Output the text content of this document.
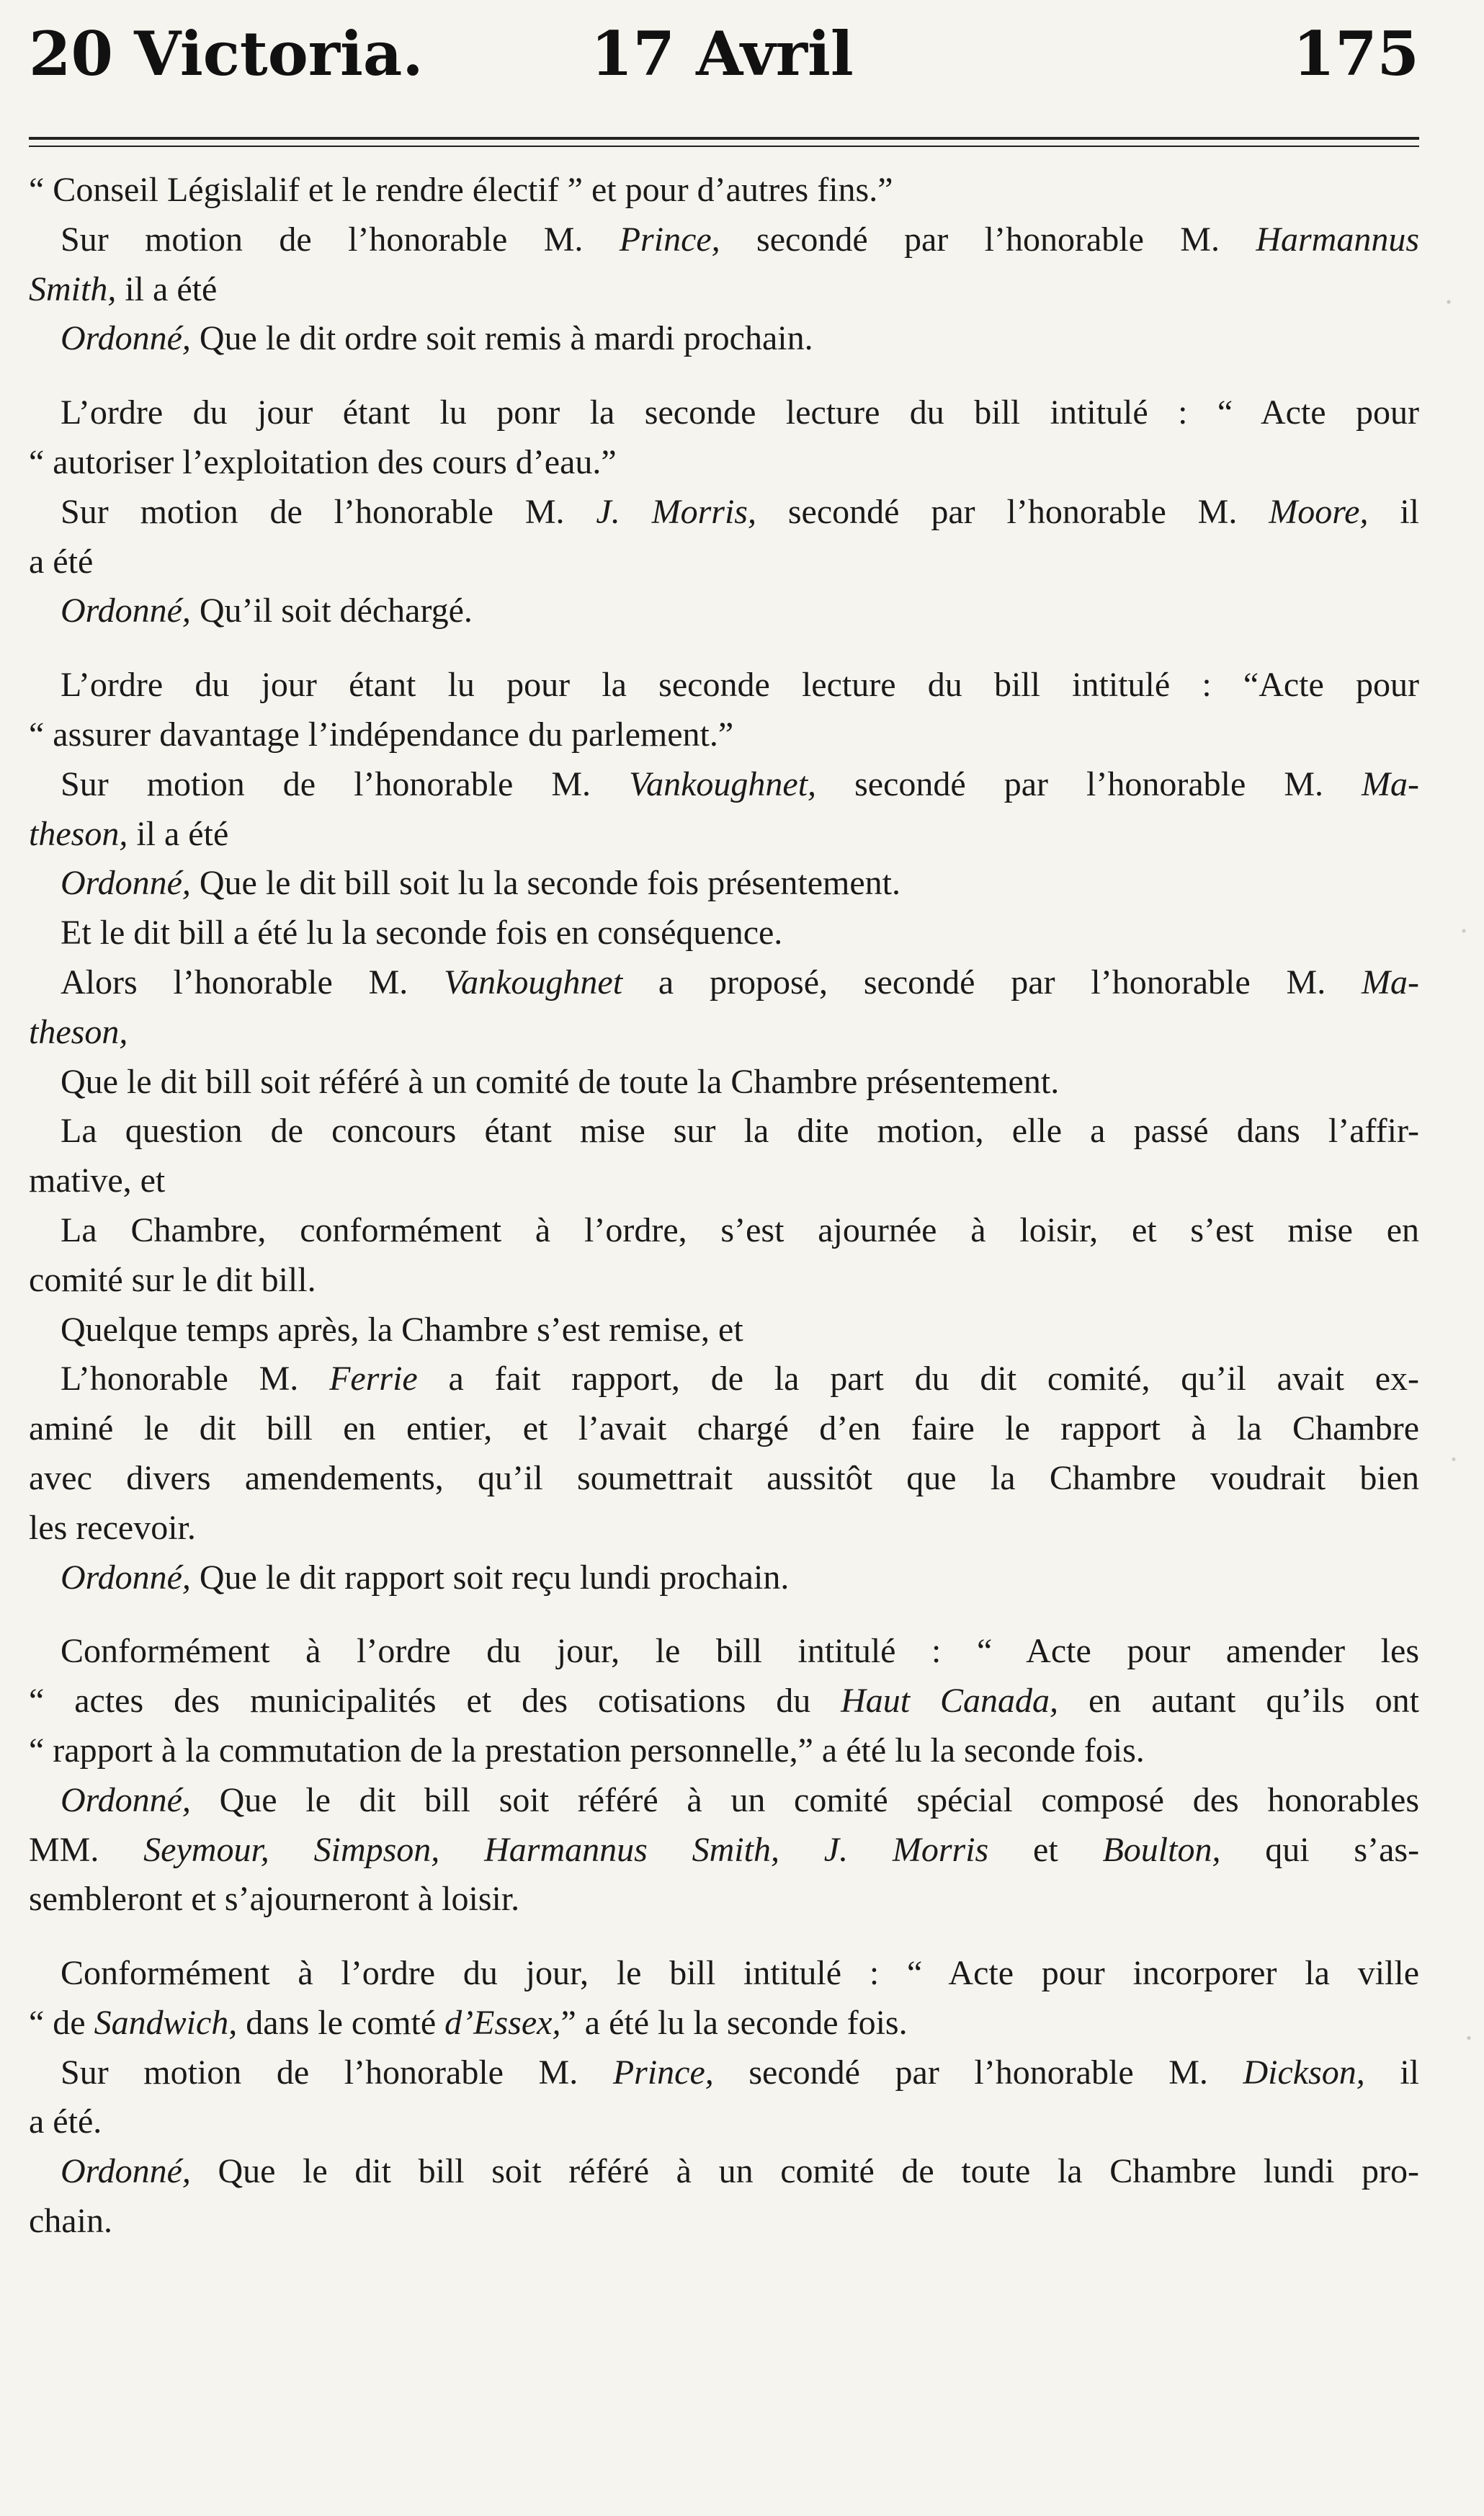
20 Victoria.	17 Avril	175
“ Conseil Législalif et le rendre électif ” et pour d’autres fins.”
Sur motion de l’honorable M. Prince, secondé par l’honorable M. Harmannus
Smith, il a été
Ordonné, Que le dit ordre soit remis à mardi prochain.
L’ordre du jour étant lu ponr la seconde lecture du bill intitulé : “ Acte pour
“ autoriser l’exploitation des cours d’eau.”
Sur motion de l’honorable M. J. Morris, secondé par l’honorable M. Moore, il
a été
Ordonné, Qu’il soit déchargé.
L’ordre du jour étant lu pour la seconde lecture du bill intitulé : “Acte pour
“ assurer davantage l’indépendance du parlement.”
Sur motion de l’honorable M. Vankoughnet, secondé par l’honorable M. Ma-
theson, il a été
Ordonné, Que le dit bill soit lu la seconde fois présentement.
Et le dit bill a été lu la seconde fois en conséquence.
Alors l’honorable M. Vankoughnet a proposé, secondé par l’honorable M. Ma-
theson,
Que le dit bill soit référé à un comité de toute la Chambre présentement.
La question de concours étant mise sur la dite motion, elle a passé dans l’affir-
mative, et
La Chambre, conformément à l’ordre, s’est ajournée à loisir, et s’est mise en
comité sur le dit bill.
Quelque temps après, la Chambre s’est remise, et
L’honorable M. Ferrie a fait rapport, de la part du dit comité, qu’il avait ex-
aminé le dit bill en entier, et l’avait chargé d’en faire le rapport à la Chambre
avec divers amendements, qu’il soumettrait aussitôt que la Chambre voudrait bien
les recevoir.
Ordonné, Que le dit rapport soit reçu lundi prochain.
Conformément à l’ordre du jour, le bill intitulé : “ Acte pour amender les
“ actes des municipalités et des cotisations du Haut Canada, en autant qu’ils ont
“ rapport à la commutation de la prestation personnelle,” a été lu la seconde fois.
Ordonné, Que le dit bill soit référé à un comité spécial composé des honorables
MM. Seymour, Simpson, Harmannus Smith, J. Morris et Boulton, qui s’as-
sembleront et s’ajourneront à loisir.
Conformément à l’ordre du jour, le bill intitulé : “ Acte pour incorporer la ville
“ de Sandwich, dans le comté d’Essex,” a été lu la seconde fois.
Sur motion de l’honorable M. Prince, secondé par l’honorable M. Dickson, il
a été.
Ordonné, Que le dit bill soit référé à un comité de toute la Chambre lundi pro-
chain.
